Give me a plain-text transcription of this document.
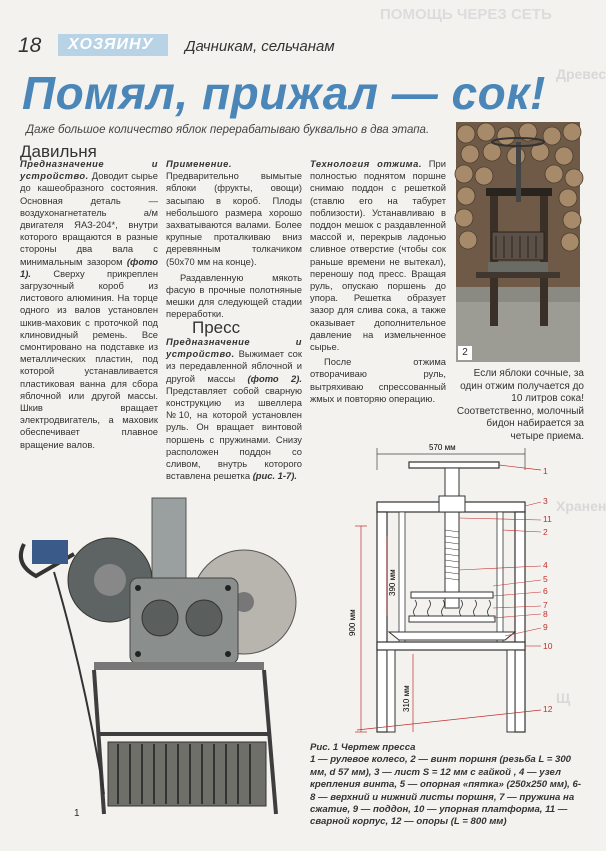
18	ХОЗЯИНУ	Дачникам, сельчанам
ПОМОЩЬ ЧЕРЕЗ СЕТЬ
Помял, прижал — сок!
Даже большое количество яблок перерабатываю буквально в два этапа.
2
Давильня
Предназначение и устройство. Доводит сырье до кашеобразного состояния. Основная деталь — воздухонагнетатель а/м двигателя ЯАЗ-204*, внутри которого вращаются в разные стороны два вала с минимальным зазором (фото 1). Сверху прикреплен загрузочный короб из листового алюминия. На торце одного из валов установлен шкив-маховик с проточкой под клиновидный ремень. Все смонтировано на подставке из металлических пластин, под которой устанавливается пластиковая ванна для сбора яблочной или другой массы. Шкив вращает электродвигатель, а маховик обеспечивает плавное вращение валов.
Применение. Предварительно вымытые яблоки (фрукты, овощи) засыпаю в короб. Плоды небольшого размера хорошо захватываются валами. Более крупные проталкиваю вниз деревянным толкачиком (50х70 мм на конце).
Раздавленную мякоть фасую в прочные полотняные мешки для следующей стадии переработки.
Пресс
Предназначение и устройство. Выжимает сок из передавленной яблочной и другой массы (фото 2). Представляет собой сварную конструкцию из швеллера №10, на которой установлен руль. Он вращает винтовой поршень с пружинами. Снизу расположен поддон со сливом, внутрь которого вставлена решетка (рис. 1-7).
Технология отжима. При полностью поднятом поршне снимаю поддон с решеткой (ставлю его на табурет поблизости). Устанавливаю в поддон мешок с раздавленной массой и, перекрыв ладонью сливное отверстие (чтобы сок раньше времени не вытекал), переношу под пресс. Вращая руль, опускаю поршень до упора. Решетка образует зазор для слива сока, а также оказывает дополнительное давление на измельченное сырье.
После отжима отворачиваю руль, вытряхиваю спрессованный жмых и повторяю операцию.
Если яблоки сочные, за один отжим получается до 10 литров сока! Соответственно, молочный бидон набирается за четыре приема.
Древес
Хранен
Щ
1
570 мм
900 мм
390 мм
310 мм
1
3
11
2
4
5
6
7
8
9
10
12
Рис. 1 Чертеж пресса
1 — рулевое колесо, 2 — винт поршня (резьба L = 300 мм, d 57 мм), 3 — лист S = 12 мм с гайкой , 4 — узел крепления винта, 5 — опорная «пятка» (250х250 мм), 6-8 — верхний и нижний листы поршня, 7 — пружина на сжатие, 9 — поддон, 10 — упорная платформа, 11 — сварной корпус, 12 — опоры (L = 800 мм)
